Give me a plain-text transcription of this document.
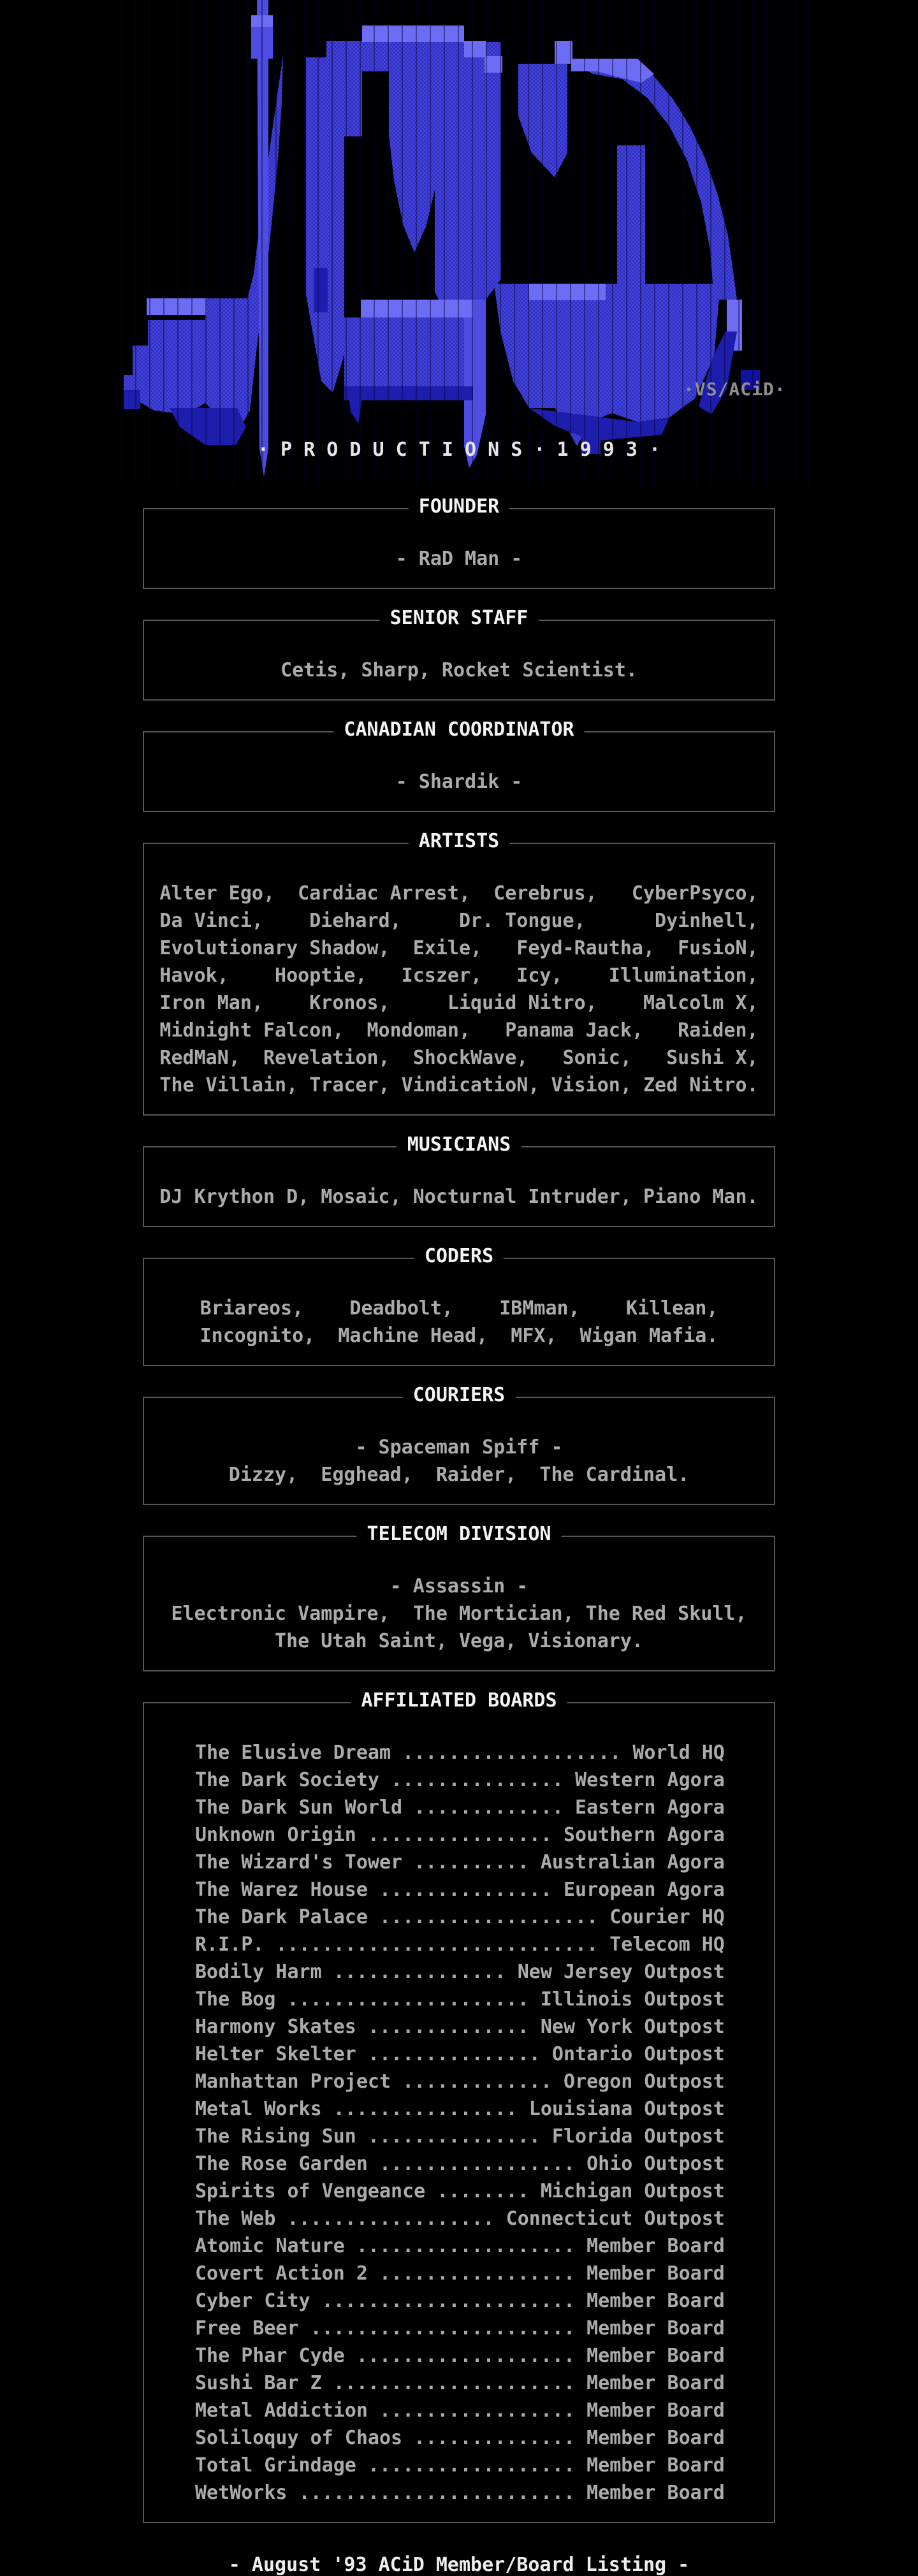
·VS/ACiD·
· P R O D U C T I O N S · 1 9 9 3 ·
FOUNDER
- RaD Man -
SENIOR STAFF
Cetis, Sharp, Rocket Scientist.
CANADIAN COORDINATOR
- Shardik -
ARTISTS
Alter Ego,  Cardiac Arrest,  Cerebrus,   CyberPsyco,
Da Vinci,    Diehard,     Dr. Tongue,      Dyinhell,
Evolutionary Shadow,  Exile,   Feyd-Rautha,  FusioN,
Havok,    Hooptie,   Icszer,   Icy,    Illumination,
Iron Man,    Kronos,     Liquid Nitro,    Malcolm X,
Midnight Falcon,  Mondoman,   Panama Jack,   Raiden,
RedMaN,  Revelation,  ShockWave,   Sonic,   Sushi X,
The Villain, Tracer, VindicatioN, Vision, Zed Nitro.
MUSICIANS
DJ Krython D, Mosaic, Nocturnal Intruder, Piano Man.
CODERS
Briareos,    Deadbolt,    IBMman,    Killean,
Incognito,  Machine Head,  MFX,  Wigan Mafia.
COURIERS
- Spaceman Spiff -
Dizzy,  Egghead,  Raider,  The Cardinal.
TELECOM DIVISION
- Assassin -
Electronic Vampire,  The Mortician, The Red Skull,
The Utah Saint, Vega, Visionary.
AFFILIATED BOARDS
The Elusive Dream ................... World HQ
The Dark Society ............... Western Agora
The Dark Sun World ............. Eastern Agora
Unknown Origin ................ Southern Agora
The Wizard's Tower .......... Australian Agora
The Warez House ............... European Agora
The Dark Palace ................... Courier HQ
R.I.P. ............................ Telecom HQ
Bodily Harm ............... New Jersey Outpost
The Bog ..................... Illinois Outpost
Harmony Skates .............. New York Outpost
Helter Skelter ............... Ontario Outpost
Manhattan Project ............. Oregon Outpost
Metal Works ................ Louisiana Outpost
The Rising Sun ............... Florida Outpost
The Rose Garden ................. Ohio Outpost
Spirits of Vengeance ........ Michigan Outpost
The Web .................. Connecticut Outpost
Atomic Nature ................... Member Board
Covert Action 2 ................. Member Board
Cyber City ...................... Member Board
Free Beer ....................... Member Board
The Phar Cyde ................... Member Board
Sushi Bar Z ..................... Member Board
Metal Addiction ................. Member Board
Soliloquy of Chaos .............. Member Board
Total Grindage .................. Member Board
WetWorks ........................ Member Board
- August '93 ACiD Member/Board Listing -
